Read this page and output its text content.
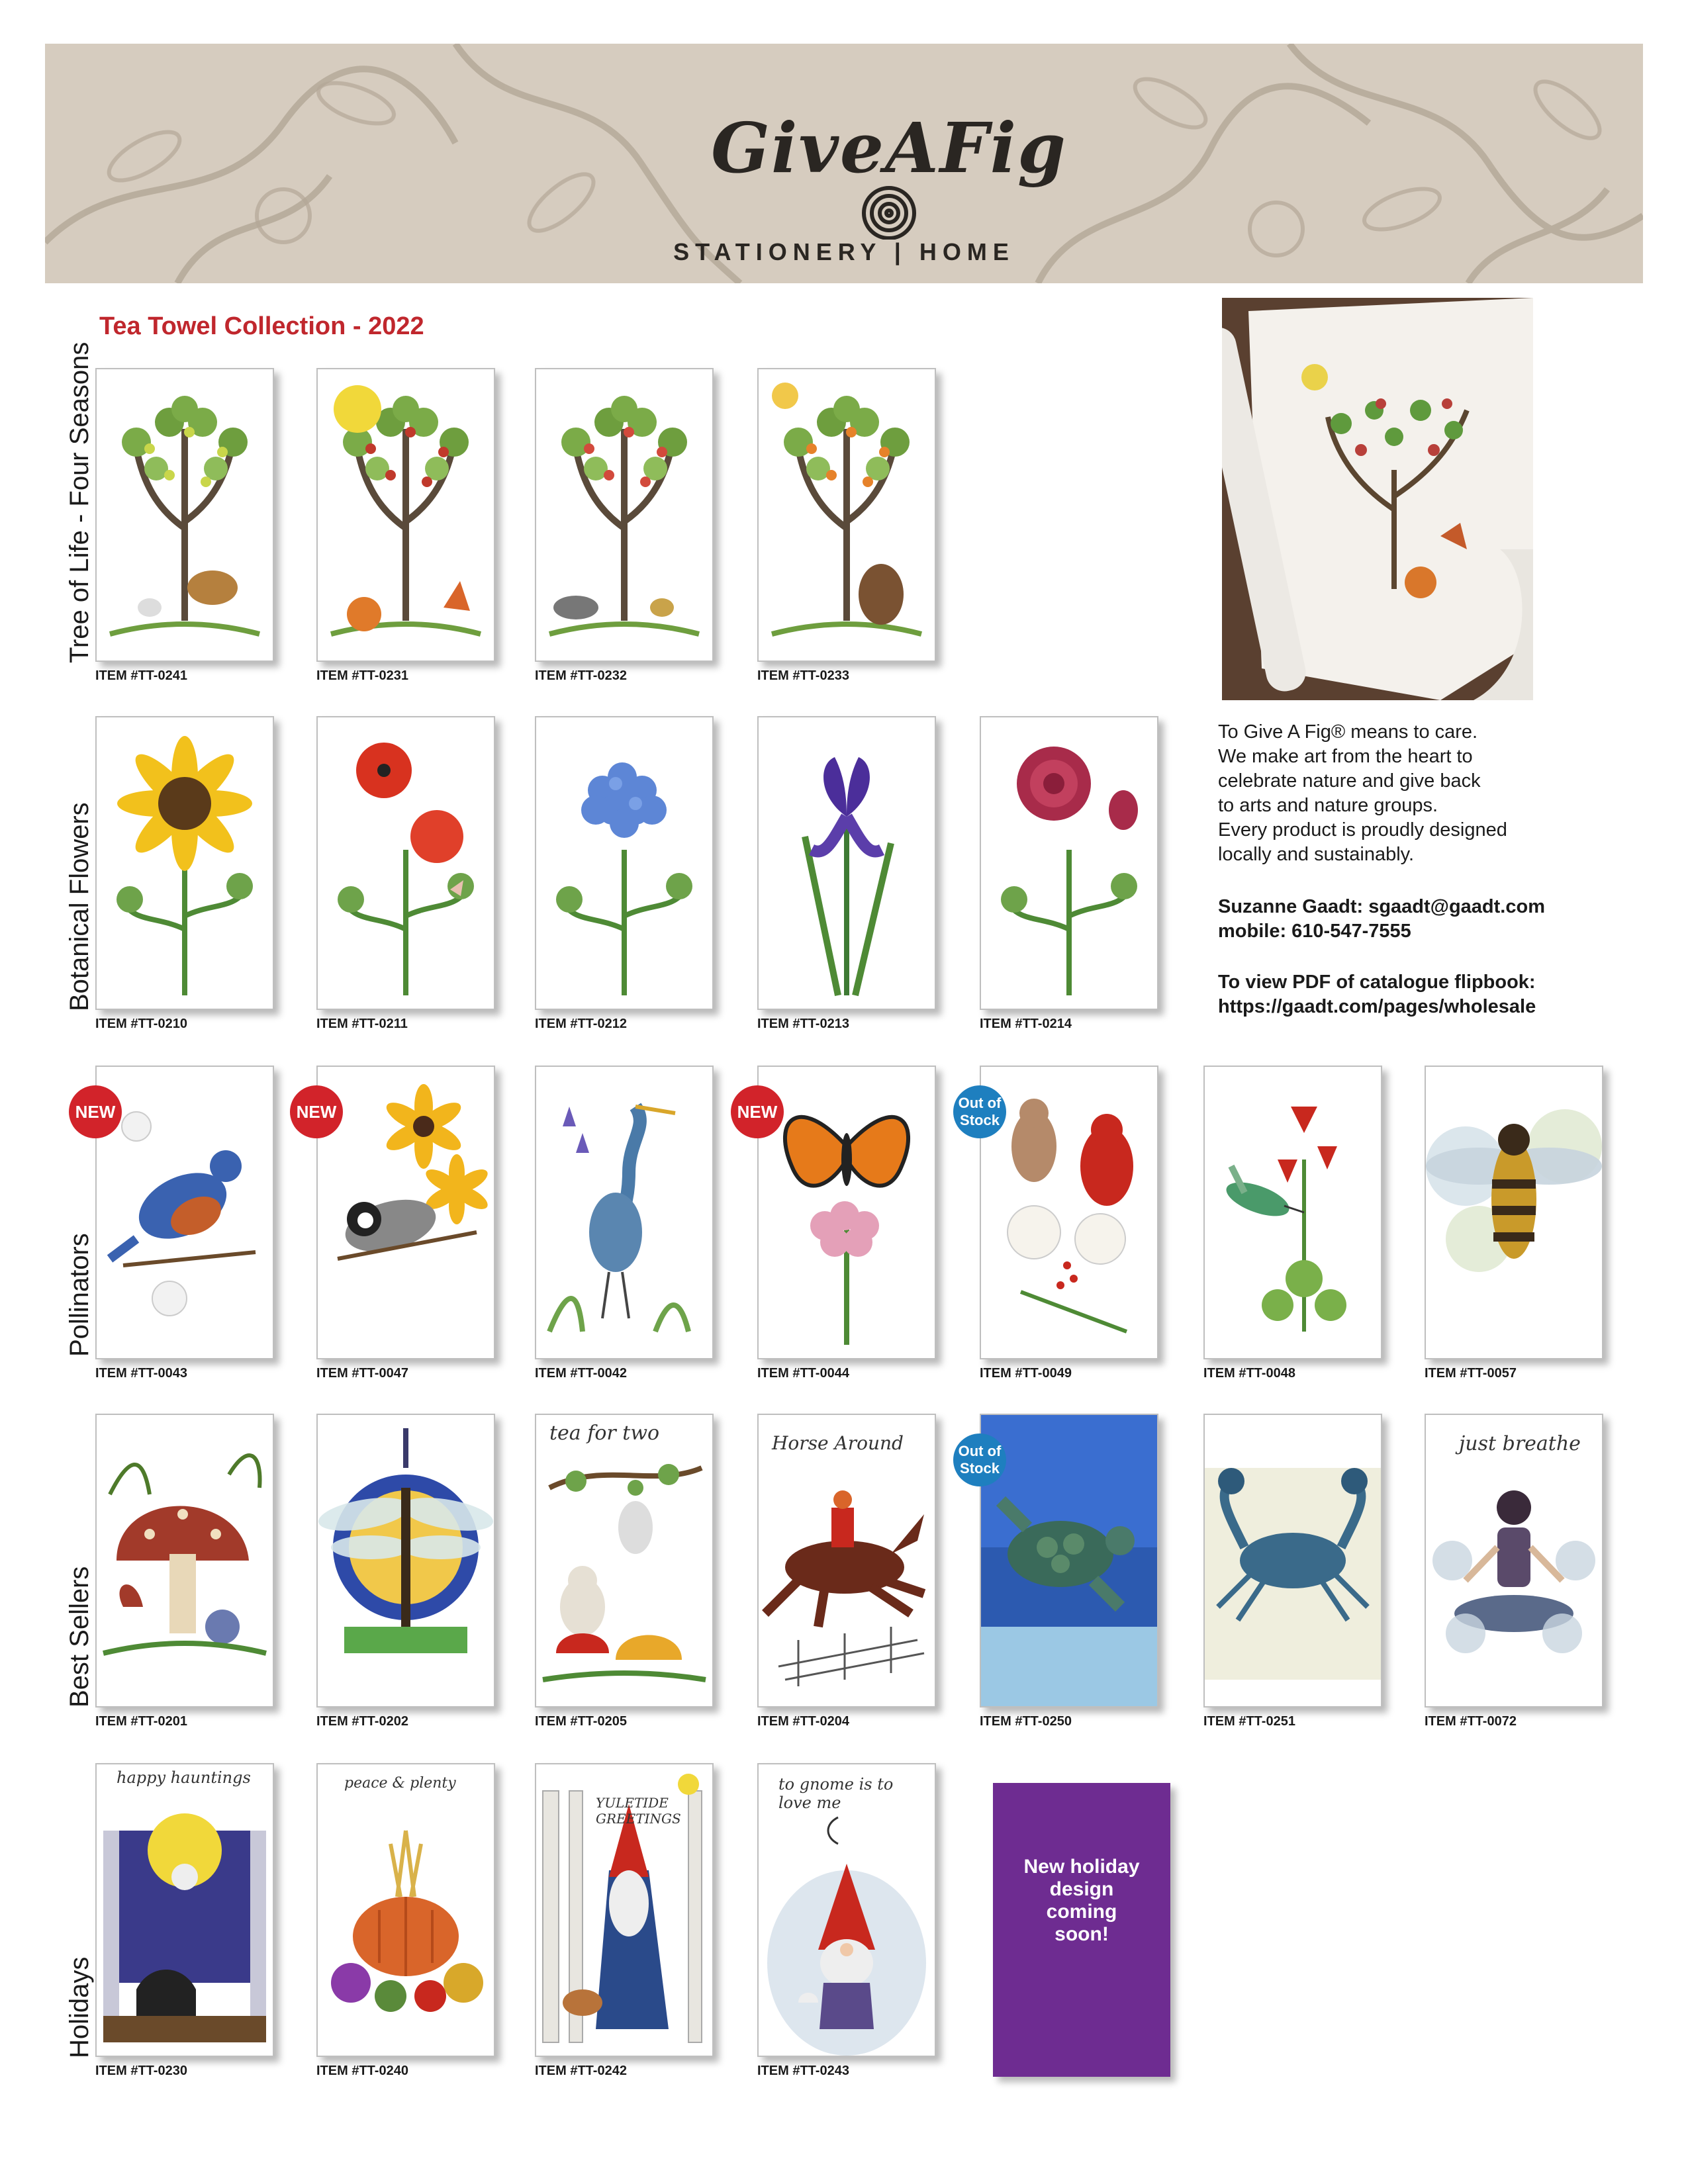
GiveAFig
STATIONERY | HOME
Tea Towel Collection - 2022
Tree of Life - Four Seasons
Botanical Flowers
Pollinators
Best Sellers
Holidays
ITEM #TT-0241	ITEM #TT-0231	ITEM #TT-0232	ITEM #TT-0233
ITEM #TT-0210	ITEM #TT-0211	ITEM #TT-0212	ITEM #TT-0213	ITEM #TT-0214
ITEM #TT-0043
NEW
ITEM #TT-0047
NEW
ITEM #TT-0042	ITEM #TT-0044
NEW
ITEM #TT-0049
Out of
Stock
ITEM #TT-0048	ITEM #TT-0057
ITEM #TT-0201	ITEM #TT-0202
tea for two
ITEM #TT-0205
Horse Around
ITEM #TT-0204	ITEM #TT-0250
Out of
Stock
ITEM #TT-0251
just breathe
ITEM #TT-0072
happy hauntings
ITEM #TT-0230
peace & plenty
ITEM #TT-0240
YULETIDE GREETINGS
ITEM #TT-0242
to gnome is to love me
ITEM #TT-0243
New holiday design coming soon!

To Give A Fig® means to care.

We make art from the heart to

celebrate nature and give back

to arts and nature groups.

Every product is proudly designed

locally and sustainably.

Suzanne Gaadt: sgaadt@gaadt.com

mobile: 610-547-7555

To view PDF of catalogue flipbook:

https://gaadt.com/pages/wholesale
